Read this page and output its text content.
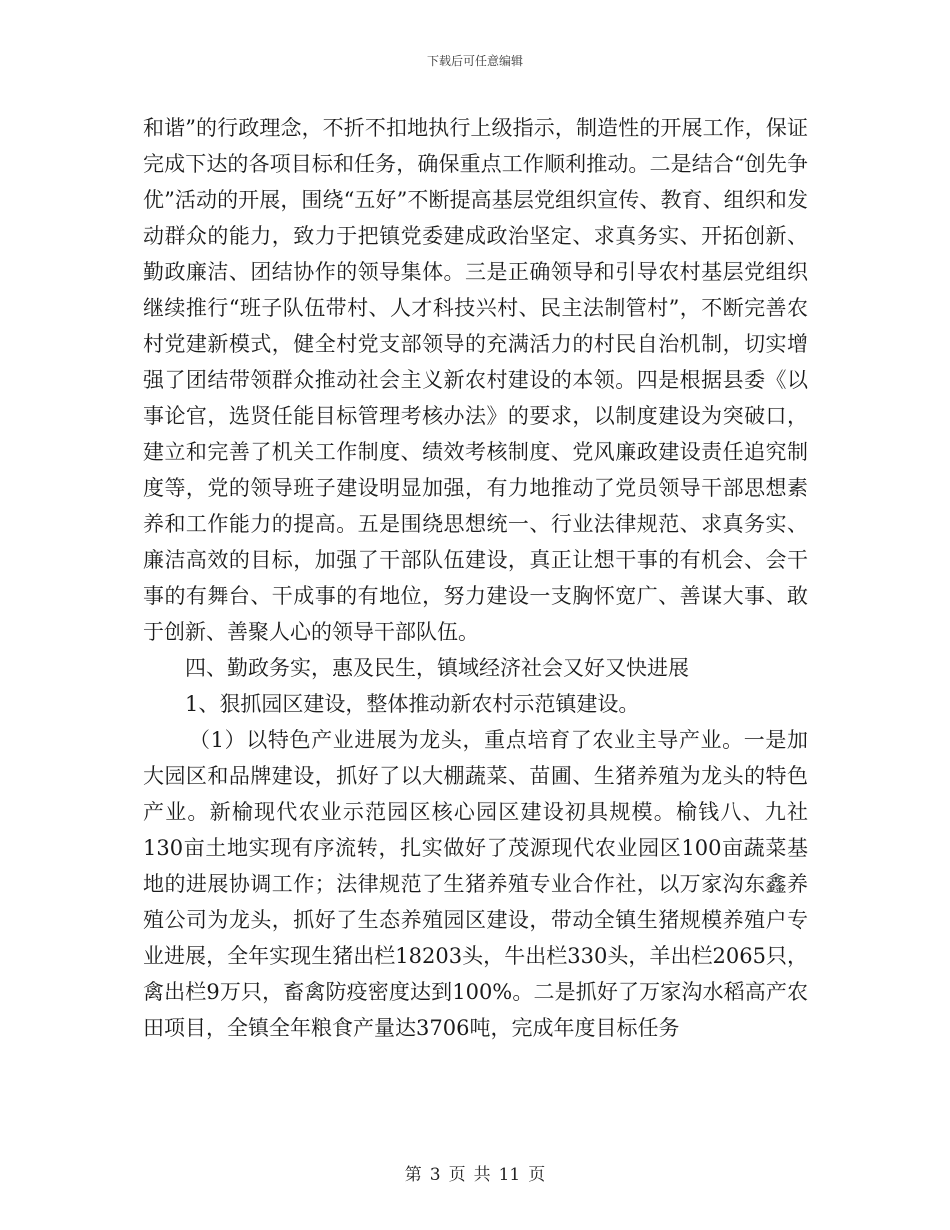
下载后可任意编辑

和谐”的行政理念，不折不扣地执行上级指示，制造性的开展工作，保证完成下达的各项目标和任务，确保重点工作顺利推动。二是结合“创先争优”活动的开展，围绕“五好”不断提高基层党组织宣传、教育、组织和发动群众的能力，致力于把镇党委建成政治坚定、求真务实、开拓创新、勤政廉洁、团结协作的领导集体。三是正确领导和引导农村基层党组织继续推行“班子队伍带村、人才科技兴村、民主法制管村”，不断完善农村党建新模式，健全村党支部领导的充满活力的村民自治机制，切实增强了团结带领群众推动社会主义新农村建设的本领。四是根据县委《以事论官，选贤任能目标管理考核办法》的要求，以制度建设为突破口，建立和完善了机关工作制度、绩效考核制度、党风廉政建设责任追究制度等，党的领导班子建设明显加强，有力地推动了党员领导干部思想素养和工作能力的提高。五是围绕思想统一、行业法律规范、求真务实、廉洁高效的目标，加强了干部队伍建设，真正让想干事的有机会、会干事的有舞台、干成事的有地位，努力建设一支胸怀宽广、善谋大事、敢于创新、善聚人心的领导干部队伍。

四、勤政务实，惠及民生，镇域经济社会又好又快进展

1、狠抓园区建设，整体推动新农村示范镇建设。

（1）以特色产业进展为龙头，重点培育了农业主导产业。一是加大园区和品牌建设，抓好了以大棚蔬菜、苗圃、生猪养殖为龙头的特色产业。新榆现代农业示范园区核心园区建设初具规模。榆钱八、九社130亩土地实现有序流转，扎实做好了茂源现代农业园区100亩蔬菜基地的进展协调工作；法律规范了生猪养殖专业合作社，以万家沟东鑫养殖公司为龙头，抓好了生态养殖园区建设，带动全镇生猪规模养殖户专业进展，全年实现生猪出栏18203头，牛出栏330头，羊出栏2065只，禽出栏9万只，畜禽防疫密度达到100%。二是抓好了万家沟水稻高产农田项目，全镇全年粮食产量达3706吨，完成年度目标任务

第 3 页 共 11 页
